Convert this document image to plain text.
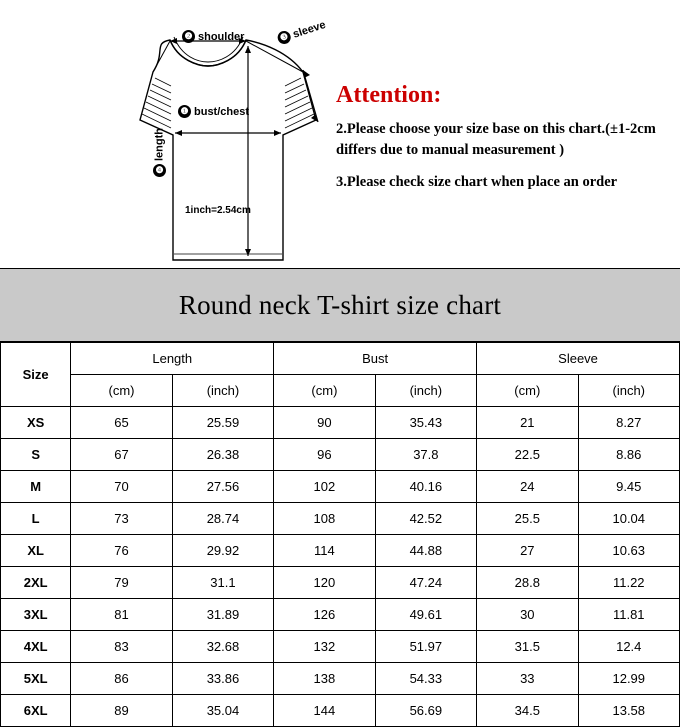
❷ shoulder	❸ sleeve
❶ bust/chest
❹
length
1inch=2.54cm
Attention:

2.Please choose your size base on this chart.(±1-2cm differs due to manual measurement )

3.Please check size chart when place an order

Round neck T-shirt size chart
Size	Length		Bust		Sleeve	
	(cm)	(inch)	(cm)	(inch)	(cm)	(inch)
XS	65	25.59	90	35.43	21	8.27
S	67	26.38	96	37.8	22.5	8.86
M	70	27.56	102	40.16	24	9.45
L	73	28.74	108	42.52	25.5	10.04
XL	76	29.92	114	44.88	27	10.63
2XL	79	31.1	120	47.24	28.8	11.22
3XL	81	31.89	126	49.61	30	11.81
4XL	83	32.68	132	51.97	31.5	12.4
5XL	86	33.86	138	54.33	33	12.99
6XL	89	35.04	144	56.69	34.5	13.58
